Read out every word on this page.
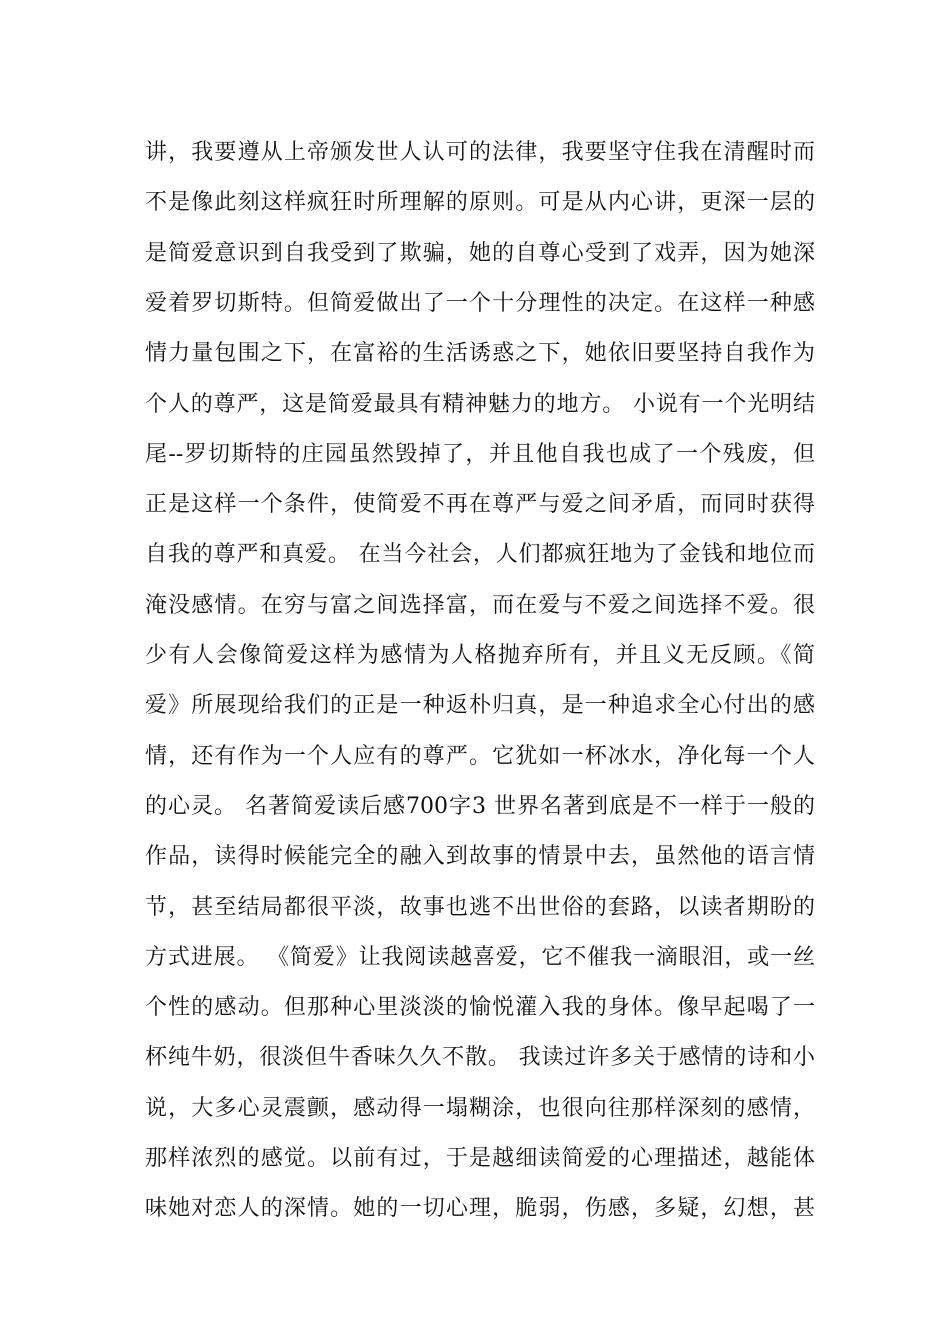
讲，我要遵从上帝颁发世人认可的法律，我要坚守住我在清醒时而
不是像此刻这样疯狂时所理解的原则。可是从内心讲，更深一层的
是简爱意识到自我受到了欺骗，她的自尊心受到了戏弄，因为她深
爱着罗切斯特。但简爱做出了一个十分理性的决定。在这样一种感
情力量包围之下，在富裕的生活诱惑之下，她依旧要坚持自我作为
个人的尊严，这是简爱最具有精神魅力的地方。 小说有一个光明结
尾--罗切斯特的庄园虽然毁掉了，并且他自我也成了一个残废，但
正是这样一个条件，使简爱不再在尊严与爱之间矛盾，而同时获得
自我的尊严和真爱。 在当今社会，人们都疯狂地为了金钱和地位而
淹没感情。在穷与富之间选择富，而在爱与不爱之间选择不爱。很
少有人会像简爱这样为感情为人格抛弃所有，并且义无反顾。《简
爱》所展现给我们的正是一种返朴归真，是一种追求全心付出的感
情，还有作为一个人应有的尊严。它犹如一杯冰水，净化每一个人
的心灵。 名著简爱读后感700字3 世界名著到底是不一样于一般的
作品，读得时候能完全的融入到故事的情景中去，虽然他的语言情
节，甚至结局都很平淡，故事也逃不出世俗的套路，以读者期盼的
方式进展。 《简爱》让我阅读越喜爱，它不催我一滴眼泪，或一丝
个性的感动。但那种心里淡淡的愉悦灌入我的身体。像早起喝了一
杯纯牛奶，很淡但牛香味久久不散。 我读过许多关于感情的诗和小
说，大多心灵震颤，感动得一塌糊涂，也很向往那样深刻的感情，
那样浓烈的感觉。以前有过，于是越细读简爱的心理描述，越能体
味她对恋人的深情。她的一切心理，脆弱，伤感，多疑，幻想，甚
